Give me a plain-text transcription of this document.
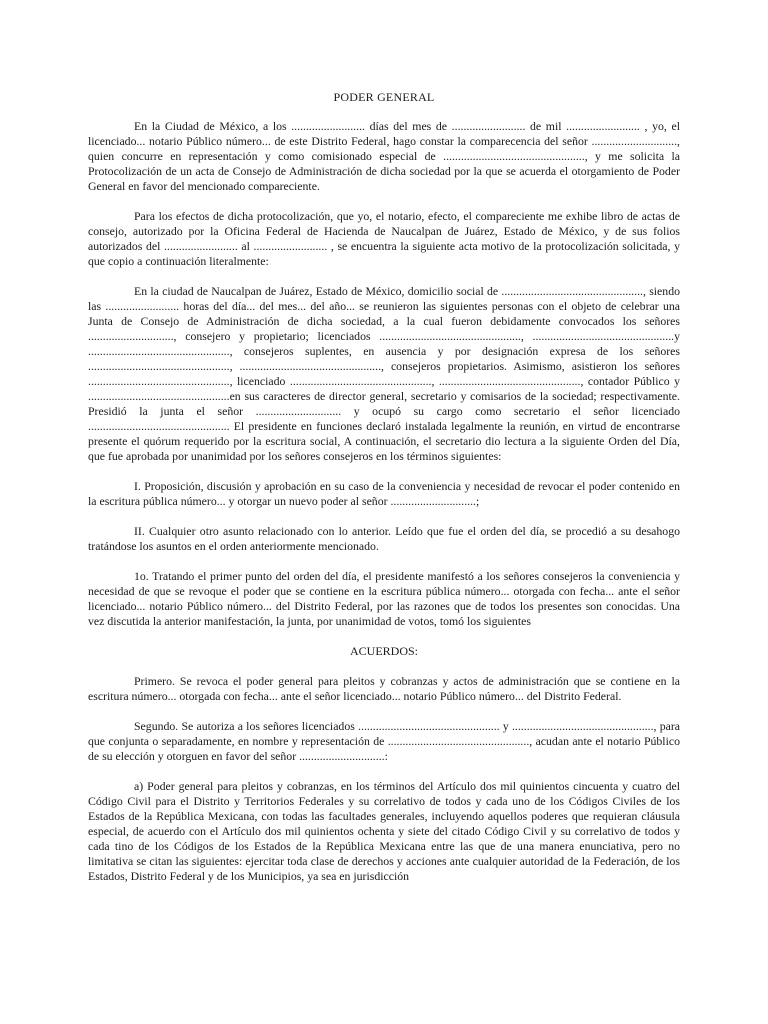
PODER GENERAL

En la Ciudad de México, a los ......................... días del mes de ......................... de mil ......................... , yo, el licenciado... notario Público número... de este Distrito Federal, hago constar la comparecencia del señor ............................., quien concurre en representación y como comisionado especial de ................................................, y me solicita la Protocolización de un acta de Consejo de Administración de dicha sociedad por la que se acuerda el otorgamiento de Poder General en favor del mencionado compareciente.

Para los efectos de dicha protocolización, que yo, el notario, efecto, el compareciente me exhibe libro de actas de consejo, autorizado por la Oficina Federal de Hacienda de Naucalpan de Juárez, Estado de México, y de sus folios autorizados del ......................... al ......................... , se encuentra la siguiente acta motivo de la protocolización solicitada, y que copio a continuación literalmente:

En la ciudad de Naucalpan de Juárez, Estado de México, domicilio social de ................................................, siendo las ......................... horas del día... del mes... del año... se reunieron las siguientes personas con el objeto de celebrar una Junta de Consejo de Administración de dicha sociedad, a la cual fueron debidamente convocados los señores ............................., consejero y propietario; licenciados ................................................, ................................................y ................................................, consejeros suplentes, en ausencia y por designación expresa de los señores ................................................, ................................................, consejeros propietarios. Asimismo, asistieron los señores ................................................, licenciado ................................................, ................................................, contador Público y ................................................en sus caracteres de director general, secretario y comisarios de la sociedad; respectivamente. Presidió la junta el señor ............................. y ocupó su cargo como secretario el señor licenciado ................................................ El presidente en funciones declaró instalada legalmente la reunión, en virtud de encontrarse presente el quórum requerido por la escritura social, A continuación, el secretario dio lectura a la siguiente Orden del Día, que fue aprobada por unanimidad por los señores consejeros en los términos siguientes:

I. Proposición, discusión y aprobación en su caso de la conveniencia y necesidad de revocar el poder contenido en la escritura pública número... y otorgar un nuevo poder al señor .............................;

II. Cualquier otro asunto relacionado con lo anterior. Leído que fue el orden del día, se procedió a su desahogo tratándose los asuntos en el orden anteriormente mencionado.

1o. Tratando el primer punto del orden del día, el presidente manifestó a los señores consejeros la conveniencia y necesidad de que se revoque el poder que se contiene en la escritura pública número... otorgada con fecha... ante el señor licenciado... notario Público número... del Distrito Federal, por las razones que de todos los presentes son conocidas. Una vez discutida la anterior manifestación, la junta, por unanimidad de votos, tomó los siguientes

ACUERDOS:

Primero. Se revoca el poder general para pleitos y cobranzas y actos de administración que se contiene en la escritura número... otorgada con fecha... ante el señor licenciado... notario Público número... del Distrito Federal.

Segundo. Se autoriza a los señores licenciados ................................................ y ................................................, para que conjunta o separadamente, en nombre y representación de ................................................, acudan ante el notario Público de su elección y otorguen en favor del señor .............................:

a) Poder general para pleitos y cobranzas, en los términos del Artículo dos mil quinientos cincuenta y cuatro del Código Civil para el Distrito y Territorios Federales y su correlativo de todos y cada uno de los Códigos Civiles de los Estados de la República Mexicana, con todas las facultades generales, incluyendo aquellos poderes que requieran cláusula especial, de acuerdo con el Artículo dos mil quinientos ochenta y siete del citado Código Civil y su correlativo de todos y cada tino de los Códigos de los Estados de la República Mexicana entre las que de una manera enunciativa, pero no limitativa se citan las siguientes: ejercitar toda clase de derechos y acciones ante cualquier autoridad de la Federación, de los Estados, Distrito Federal y de los Municipios, ya sea en jurisdicción
